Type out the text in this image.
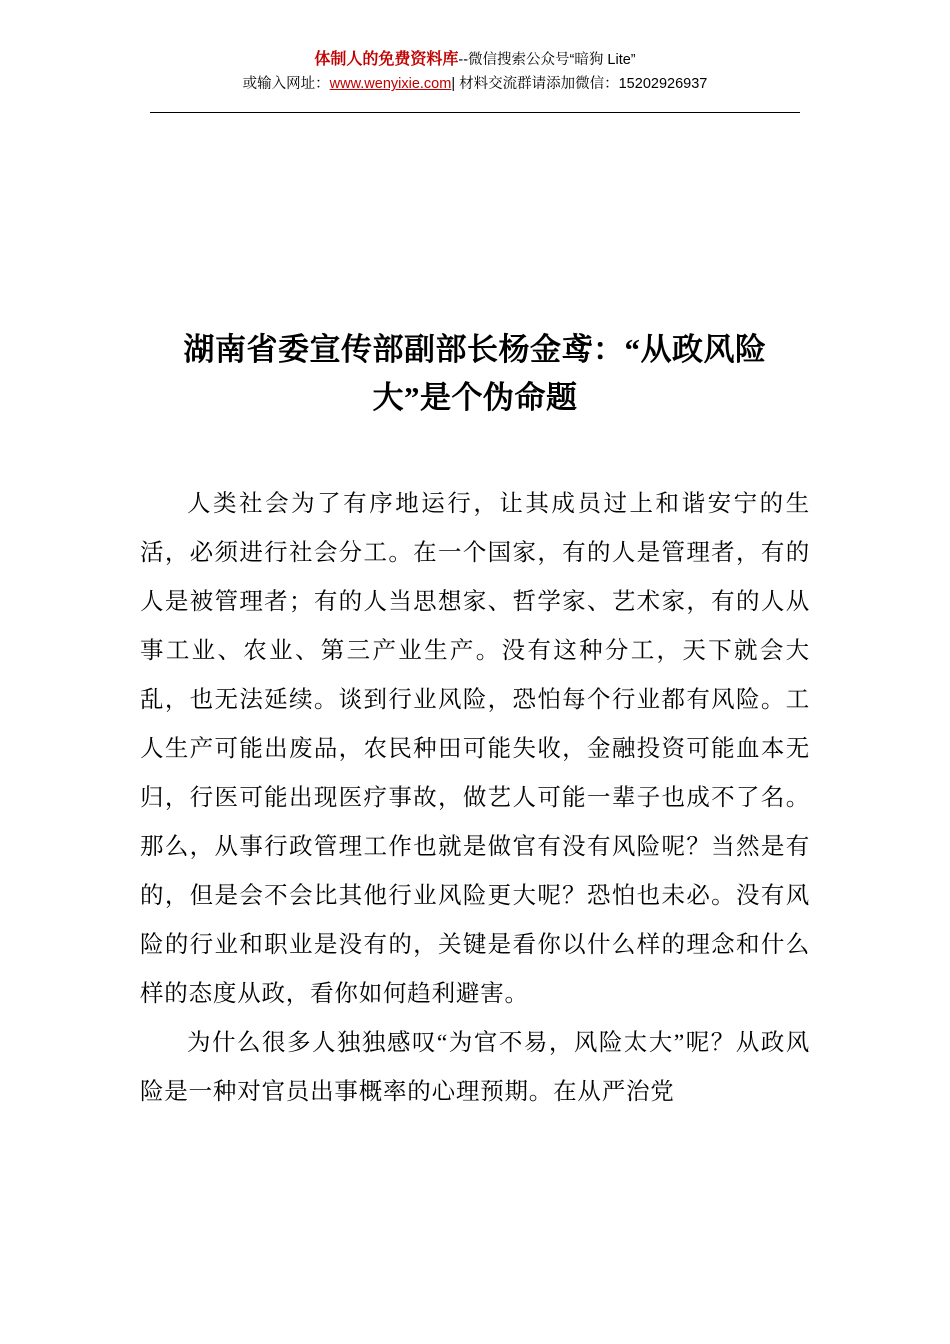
体制人的免费资料库--微信搜索公众号“暗狗 Lite”
或输入网址：www.wenyixie.com| 材料交流群请添加微信：15202926937
湖南省委宣传部副部长杨金鸢：“从政风险大”是个伪命题

人类社会为了有序地运行，让其成员过上和谐安宁的生活，必须进行社会分工。在一个国家，有的人是管理者，有的人是被管理者；有的人当思想家、哲学家、艺术家，有的人从事工业、农业、第三产业生产。没有这种分工，天下就会大乱，也无法延续。谈到行业风险，恐怕每个行业都有风险。工人生产可能出废品，农民种田可能失收，金融投资可能血本无归，行医可能出现医疗事故，做艺人可能一辈子也成不了名。那么，从事行政管理工作也就是做官有没有风险呢？当然是有的，但是会不会比其他行业风险更大呢？恐怕也未必。没有风险的行业和职业是没有的，关键是看你以什么样的理念和什么样的态度从政，看你如何趋利避害。

为什么很多人独独感叹“为官不易，风险太大”呢？从政风险是一种对官员出事概率的心理预期。在从严治党
